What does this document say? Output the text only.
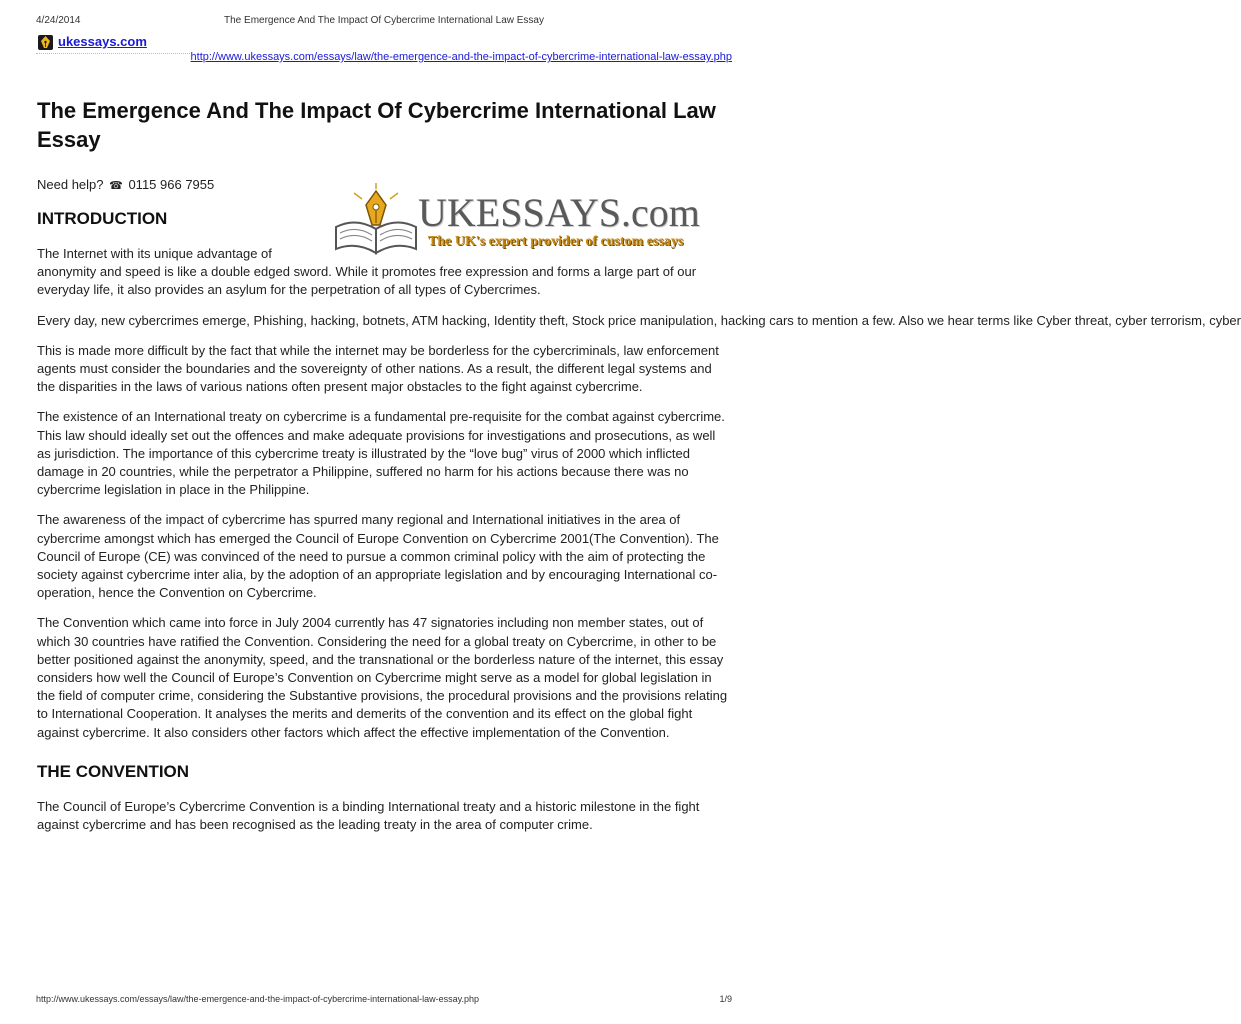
4/24/2014	The Emergence And The Impact Of Cybercrime International Law Essay
ukessays.com
http://www.ukessays.com/essays/law/the-emergence-and-the-impact-of-cybercrime-international-law-essay.php
The Emergence And The Impact Of Cybercrime International Law Essay
Need help? ☎ 0115 966 7955
INTRODUCTION	UKESSAYS.com
The UK's expert provider of custom essays

The Internet with its unique advantage of anonymity and speed is like a double edged sword. While it promotes free expression and forms a large part of our everyday life, it also provides an asylum for the perpetration of all types of Cybercrimes.

Every day, new cybercrimes emerge, Phishing, hacking, botnets, ATM hacking, Identity theft, Stock price manipulation, hacking cars to mention a few. Also we hear terms like Cyber threat, cyber terrorism, cyber

This is made more difficult by the fact that while the internet may be borderless for the cybercriminals, law enforcement agents must consider the boundaries and the sovereignty of other nations. As a result, the different legal systems and the disparities in the laws of various nations often present major obstacles to the fight against cybercrime.

The existence of an International treaty on cybercrime is a fundamental pre-requisite for the combat against cybercrime. This law should ideally set out the offences and make adequate provisions for investigations and prosecutions, as well as jurisdiction. The importance of this cybercrime treaty is illustrated by the “love bug” virus of 2000 which inflicted damage in 20 countries, while the perpetrator a Philippine, suffered no harm for his actions because there was no cybercrime legislation in place in the Philippine.

The awareness of the impact of cybercrime has spurred many regional and International initiatives in the area of cybercrime amongst which has emerged the Council of Europe Convention on Cybercrime 2001(The Convention). The Council of Europe (CE) was convinced of the need to pursue a common criminal policy with the aim of protecting the society against cybercrime inter alia, by the adoption of an appropriate legislation and by encouraging International co-operation, hence the Convention on Cybercrime.

The Convention which came into force in July 2004 currently has 47 signatories including non member states, out of which 30 countries have ratified the Convention. Considering the need for a global treaty on Cybercrime, in other to be better positioned against the anonymity, speed, and the transnational or the borderless nature of the internet, this essay considers how well the Council of Europe’s Convention on Cybercrime might serve as a model for global legislation in the field of computer crime, considering the Substantive provisions, the procedural provisions and the provisions relating to International Cooperation. It analyses the merits and demerits of the convention and its effect on the global fight against cybercrime. It also considers other factors which affect the effective implementation of the Convention.

THE CONVENTION

The Council of Europe’s Cybercrime Convention is a binding International treaty and a historic milestone in the fight against cybercrime and has been recognised as the leading treaty in the area of computer crime.

http://www.ukessays.com/essays/law/the-emergence-and-the-impact-of-cybercrime-international-law-essay.php	1/9
